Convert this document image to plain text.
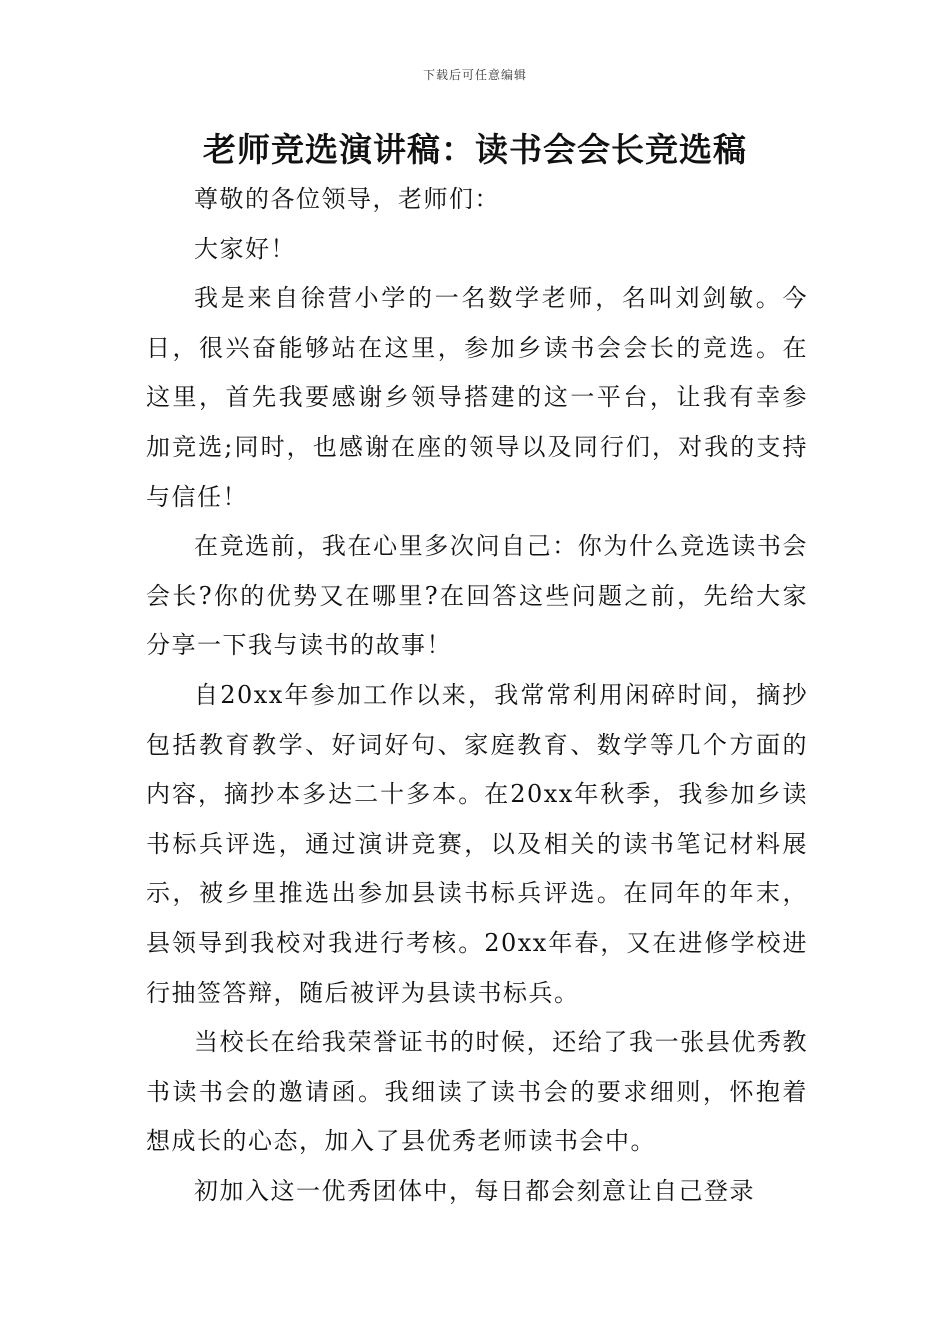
下载后可任意编辑
老师竞选演讲稿：读书会会长竞选稿

尊敬的各位领导，老师们：

大家好！

我是来自徐营小学的一名数学老师，名叫刘剑敏。今日，很兴奋能够站在这里，参加乡读书会会长的竞选。在这里，首先我要感谢乡领导搭建的这一平台，让我有幸参加竞选;同时，也感谢在座的领导以及同行们，对我的支持与信任！

在竞选前，我在心里多次问自己：你为什么竞选读书会会长?你的优势又在哪里?在回答这些问题之前，先给大家分享一下我与读书的故事！

自20xx年参加工作以来，我常常利用闲碎时间，摘抄包括教育教学、好词好句、家庭教育、数学等几个方面的内容，摘抄本多达二十多本。在20xx年秋季，我参加乡读书标兵评选，通过演讲竞赛，以及相关的读书笔记材料展示，被乡里推选出参加县读书标兵评选。在同年的年末，县领导到我校对我进行考核。20xx年春，又在进修学校进行抽签答辩，随后被评为县读书标兵。

当校长在给我荣誉证书的时候，还给了我一张县优秀教书读书会的邀请函。我细读了读书会的要求细则，怀抱着想成长的心态，加入了县优秀老师读书会中。

初加入这一优秀团体中，每日都会刻意让自己登录
